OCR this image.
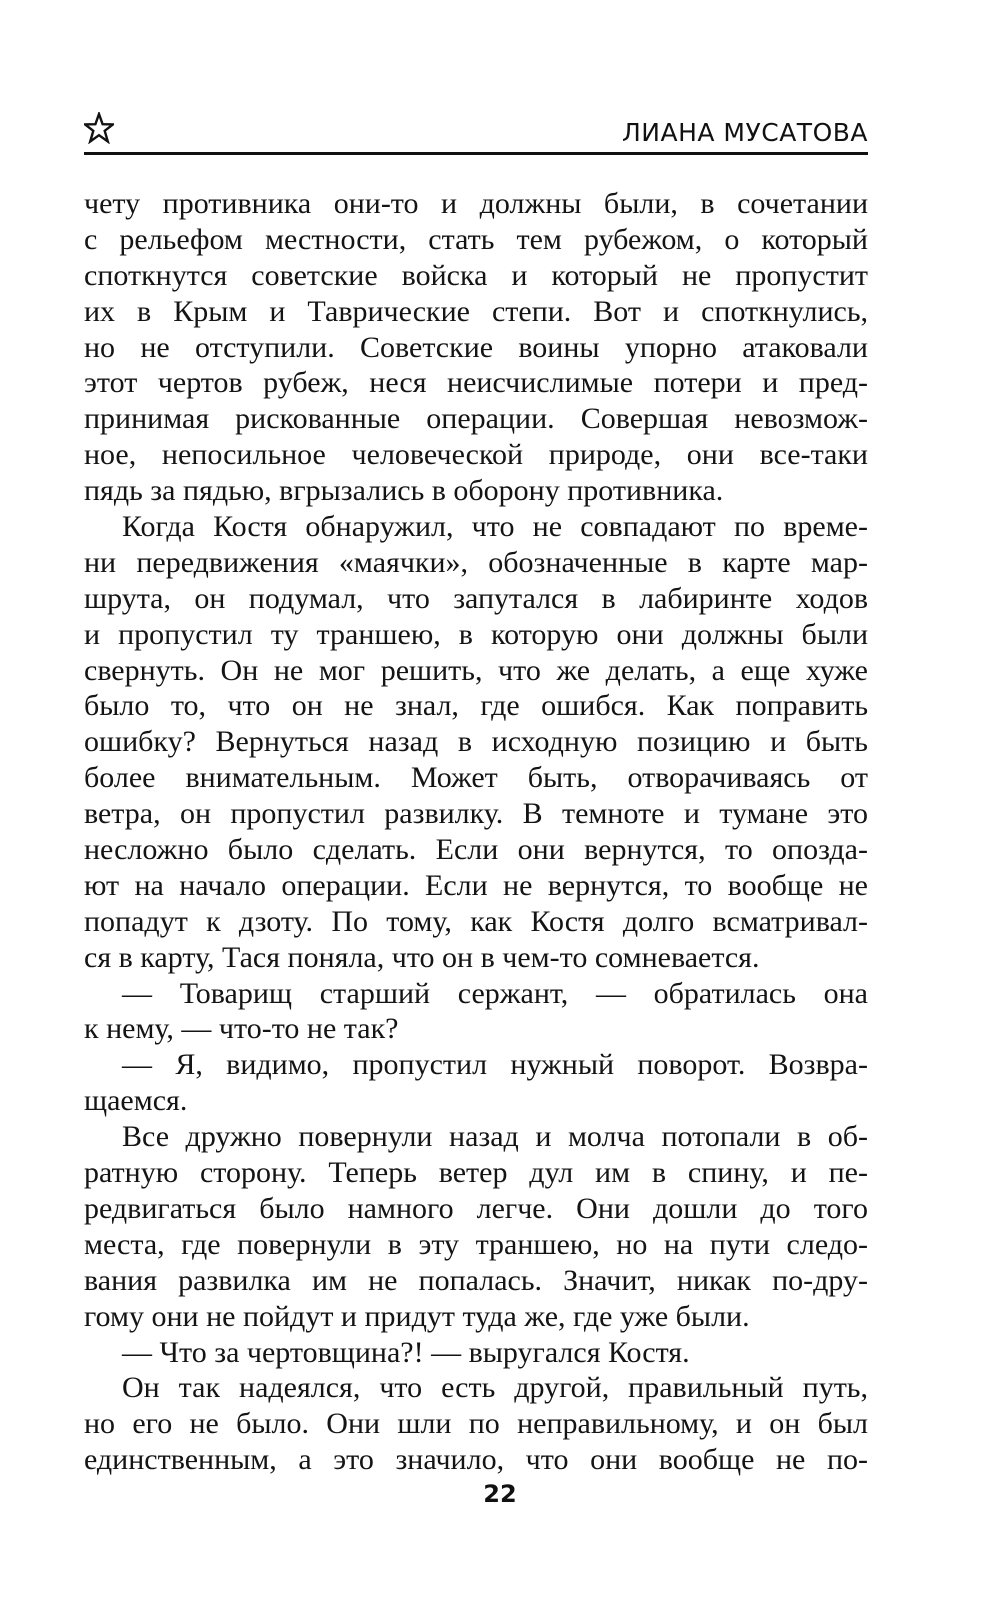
ЛИАНА МУСАТОВА
чету противника они-то и должны были, в сочетании
с рельефом местности, стать тем рубежом, о который
споткнутся советские войска и который не пропустит
их в Крым и Таврические степи. Вот и споткнулись,
но не отступили. Советские воины упорно атаковали
этот чертов рубеж, неся неисчислимые потери и пред-
принимая рискованные операции. Совершая невозмож-
ное, непосильное человеческой природе, они все-таки
пядь за пядью, вгрызались в оборону противника.
Когда Костя обнаружил, что не совпадают по време-
ни передвижения «маячки», обозначенные в карте мар-
шрута, он подумал, что запутался в лабиринте ходов
и пропустил ту траншею, в которую они должны были
свернуть. Он не мог решить, что же делать, а еще хуже
было то, что он не знал, где ошибся. Как поправить
ошибку? Вернуться назад в исходную позицию и быть
более внимательным. Может быть, отворачиваясь от
ветра, он пропустил развилку. В темноте и тумане это
несложно было сделать. Если они вернутся, то опозда-
ют на начало операции. Если не вернутся, то вообще не
попадут к дзоту. По тому, как Костя долго всматривал-
ся в карту, Тася поняла, что он в чем-то сомневается.
— Товарищ старший сержант, — обратилась она
к нему, — что-то не так?
— Я, видимо, пропустил нужный поворот. Возвра-
щаемся.
Все дружно повернули назад и молча потопали в об-
ратную сторону. Теперь ветер дул им в спину, и пе-
редвигаться было намного легче. Они дошли до того
места, где повернули в эту траншею, но на пути следо-
вания развилка им не попалась. Значит, никак по-дру-
гому они не пойдут и придут туда же, где уже были.
— Что за чертовщина?! — выругался Костя.
Он так надеялся, что есть другой, правильный путь,
но его не было. Они шли по неправильному, и он был
единственным, а это значило, что они вообще не по-
22
